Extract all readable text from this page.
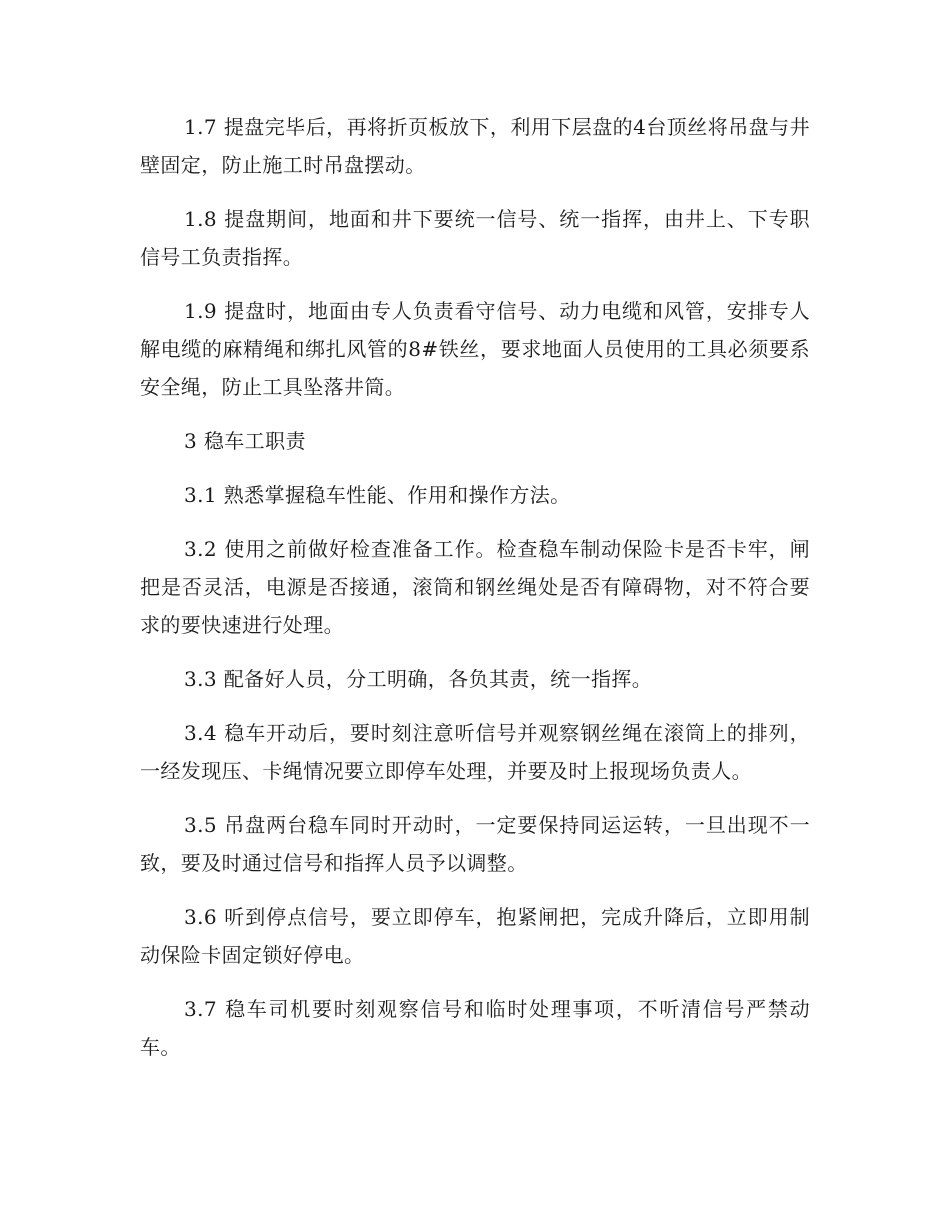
1.7 提盘完毕后，再将折页板放下，利用下层盘的4台顶丝将吊盘与井壁固定，防止施工时吊盘摆动。

1.8 提盘期间，地面和井下要统一信号、统一指挥，由井上、下专职信号工负责指挥。

1.9 提盘时，地面由专人负责看守信号、动力电缆和风管，安排专人解电缆的麻精绳和绑扎风管的8#铁丝，要求地面人员使用的工具必须要系安全绳，防止工具坠落井筒。

3 稳车工职责

3.1 熟悉掌握稳车性能、作用和操作方法。

3.2 使用之前做好检查准备工作。检查稳车制动保险卡是否卡牢，闸把是否灵活，电源是否接通，滚筒和钢丝绳处是否有障碍物，对不符合要求的要快速进行处理。

3.3 配备好人员，分工明确，各负其责，统一指挥。

3.4 稳车开动后，要时刻注意听信号并观察钢丝绳在滚筒上的排列，一经发现压、卡绳情况要立即停车处理，并要及时上报现场负责人。

3.5 吊盘两台稳车同时开动时，一定要保持同运运转，一旦出现不一致，要及时通过信号和指挥人员予以调整。

3.6 听到停点信号，要立即停车，抱紧闸把，完成升降后，立即用制动保险卡固定锁好停电。

3.7 稳车司机要时刻观察信号和临时处理事项，不听清信号严禁动车。
